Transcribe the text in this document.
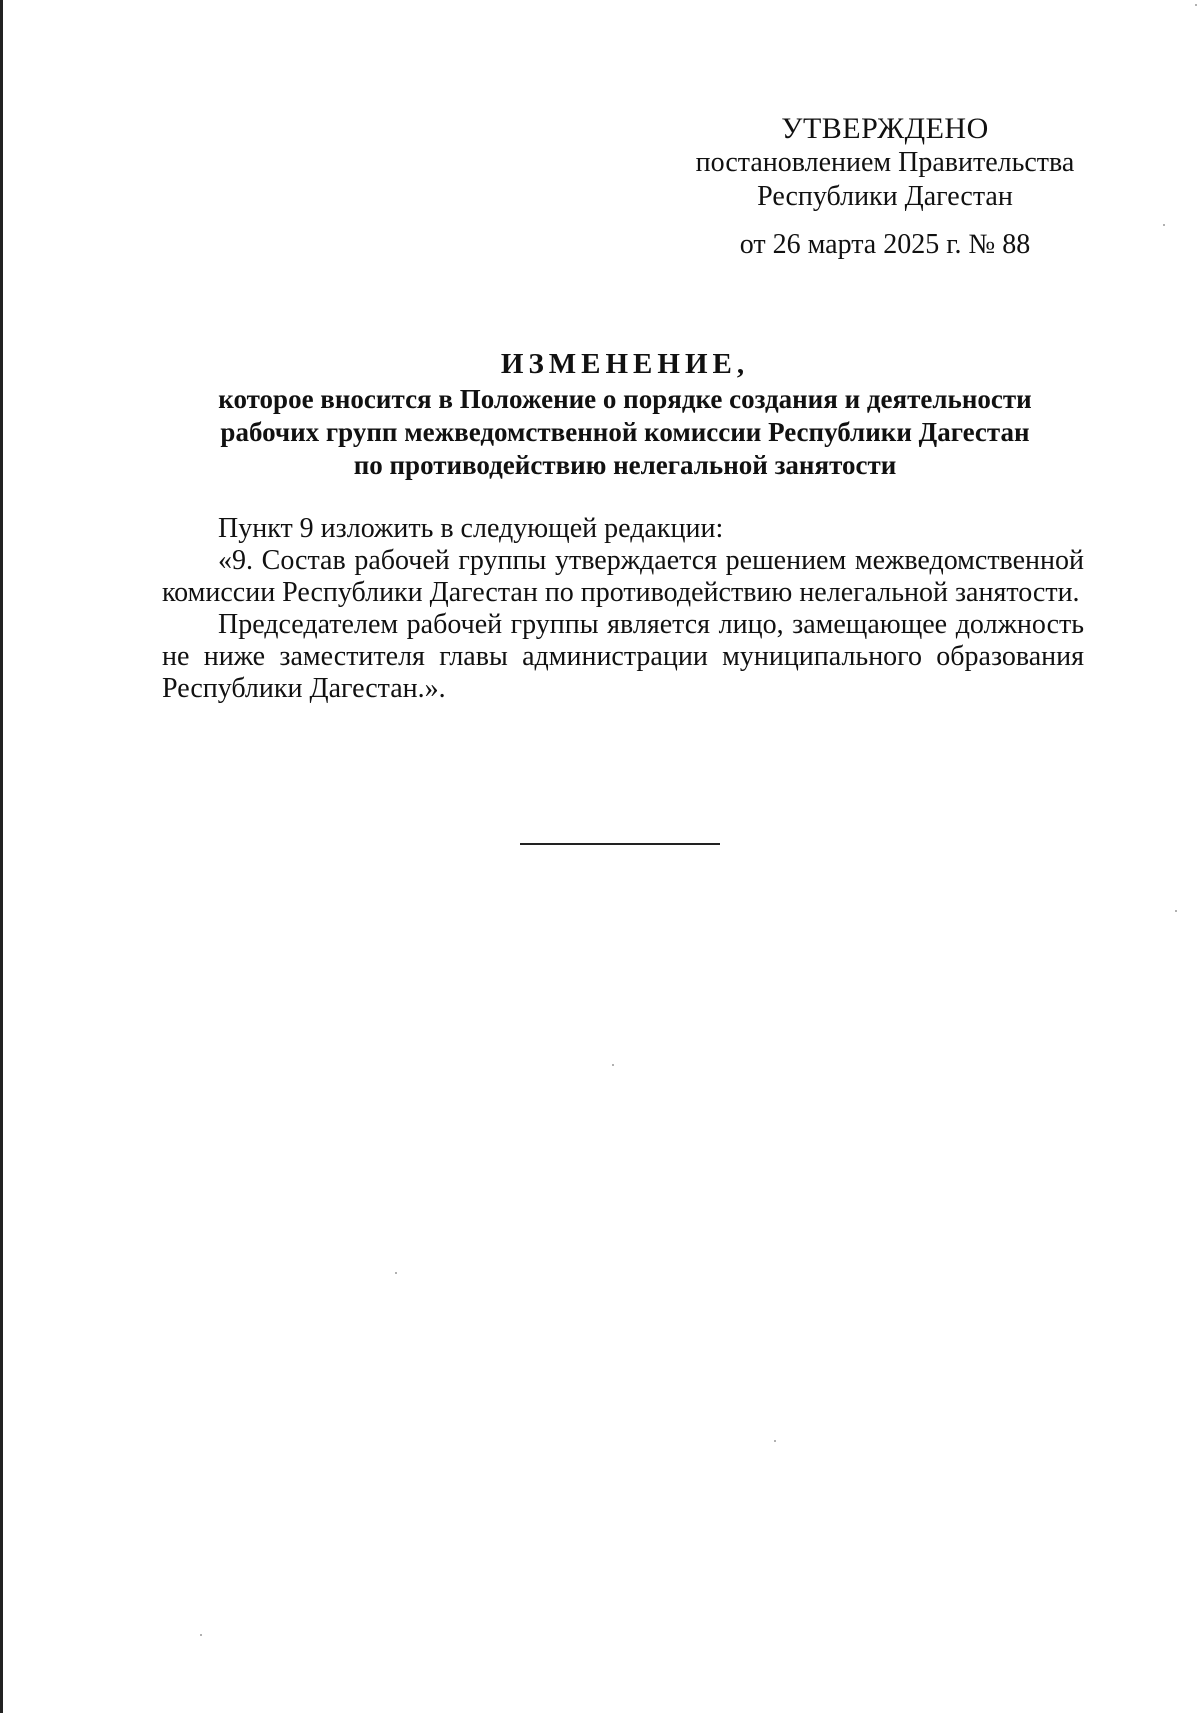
УТВЕРЖДЕНО
постановлением Правительства
Республики Дагестан
от 26 марта 2025 г. № 88
ИЗМЕНЕНИЕ,
которое вносится в Положение о порядке создания и деятельности
рабочих групп межведомственной комиссии Республики Дагестан
по противодействию нелегальной занятости

Пункт 9 изложить в следующей редакции:

«9. Состав рабочей группы утверждается решением межведомственной комиссии Республики Дагестан по противодействию нелегальной занятости.

Председателем рабочей группы является лицо, замещающее должность не ниже заместителя главы администрации муниципального образования Республики Дагестан.».
